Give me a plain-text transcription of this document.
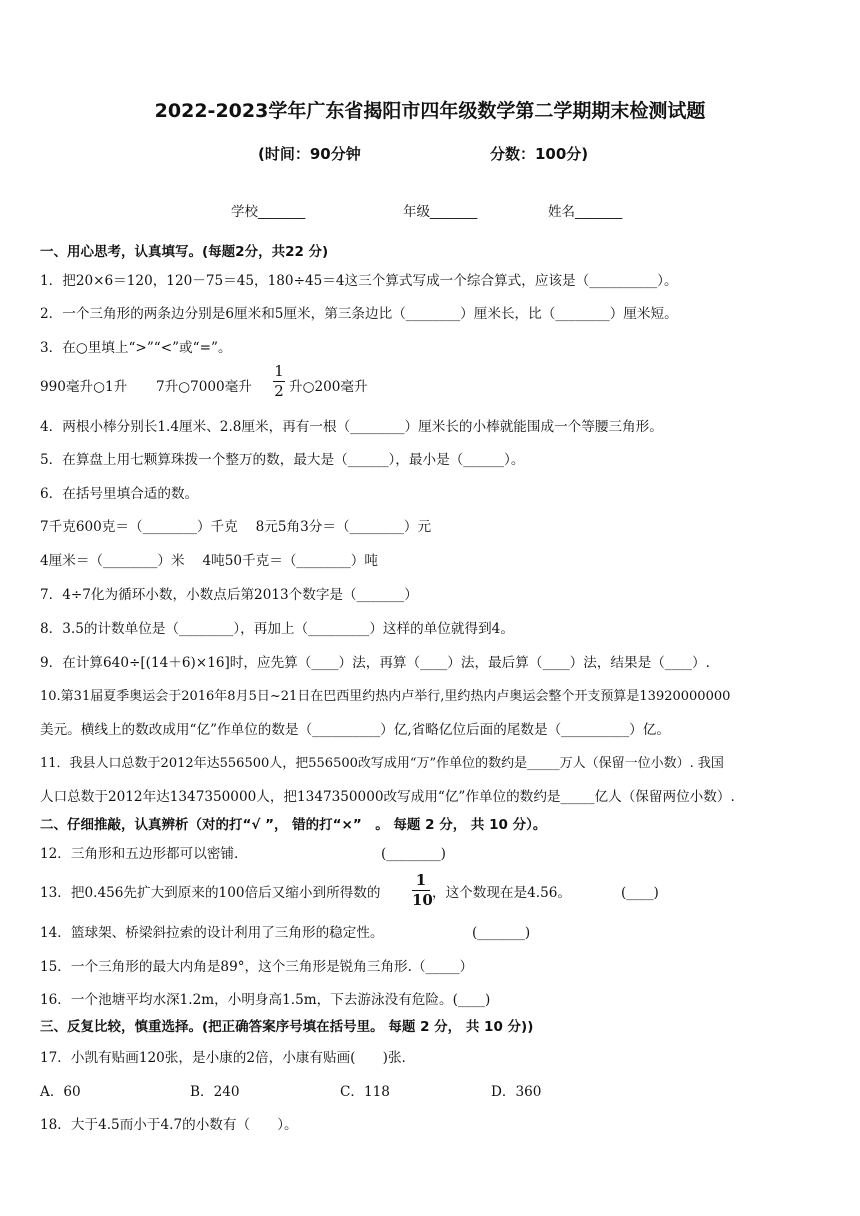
2022-2023学年广东省揭阳市四年级数学第二学期期末检测试题
(时间：90分钟	分数：100分)
学校_______	年级_______	姓名_______
一、用心思考，认真填写。(每题2分，共22 分)
1．把20×6＝120，120－75＝45，180÷45＝4这三个算式写成一个综合算式，应该是（__________）。
2．一个三角形的两条边分别是6厘米和5厘米，第三条边比（________）厘米长，比（________）厘米短。
3．在○里填上“>”“<”或“=”。
990毫升○1升 7升○7000毫升
1
2 升○200毫升
4．两根小棒分别长1.4厘米、2.8厘米，再有一根（________）厘米长的小棒就能围成一个等腰三角形。
5．在算盘上用七颗算珠拨一个整万的数，最大是（______），最小是（______）。
6．在括号里填合适的数。
7千克600克＝（________）千克　 8元5角3分＝（________）元
4厘米＝（________）米　 4吨50千克＝（________）吨
7．4÷7化为循环小数，小数点后第2013个数字是（_______）
8．3.5的计数单位是（________），再加上（_________）这样的单位就得到4。
9．在计算640÷[(14＋6)×16]时，应先算（____）法，再算（____）法，最后算（____）法，结果是（____）.
10.第31届夏季奥运会于2016年8月5日~21日在巴西里约热内卢举行,里约热内卢奥运会整个开支预算是13920000000
美元。横线上的数改成用“亿”作单位的数是（__________）亿,省略亿位后面的尾数是（__________）亿。
11．我县人口总数于2012年达556500人，把556500改写成用“万”作单位的数约是_____万人（保留一位小数）. 我国
人口总数于2012年达1347350000人，把1347350000改写成用“亿”作单位的数约是_____亿人（保留两位小数）.
二、仔细推敲，认真辨析（对的打“√ ”， 错的打“×”　。 每题 2 分， 共 10 分）。
12．三角形和五边形都可以密铺.	(________)
13．把0.456先扩大到原来的100倍后又缩小到所得数的
1
10 ，这个数现在是4.56。	(____)
14．篮球架、桥梁斜拉索的设计利用了三角形的稳定性。	(_______)
15．一个三角形的最大内角是89°，这个三角形是锐角三角形.（_____）
16．一个池塘平均水深1.2m，小明身高1.5m，下去游泳没有危险。(____)
三、反复比较，慎重选择。(把正确答案序号填在括号里。 每题 2 分， 共 10 分))
17．小凯有贴画120张，是小康的2倍，小康有贴画(　　)张.
A．60	B．240	C．118	D．360
18．大于4.5而小于4.7的小数有（　　）。
